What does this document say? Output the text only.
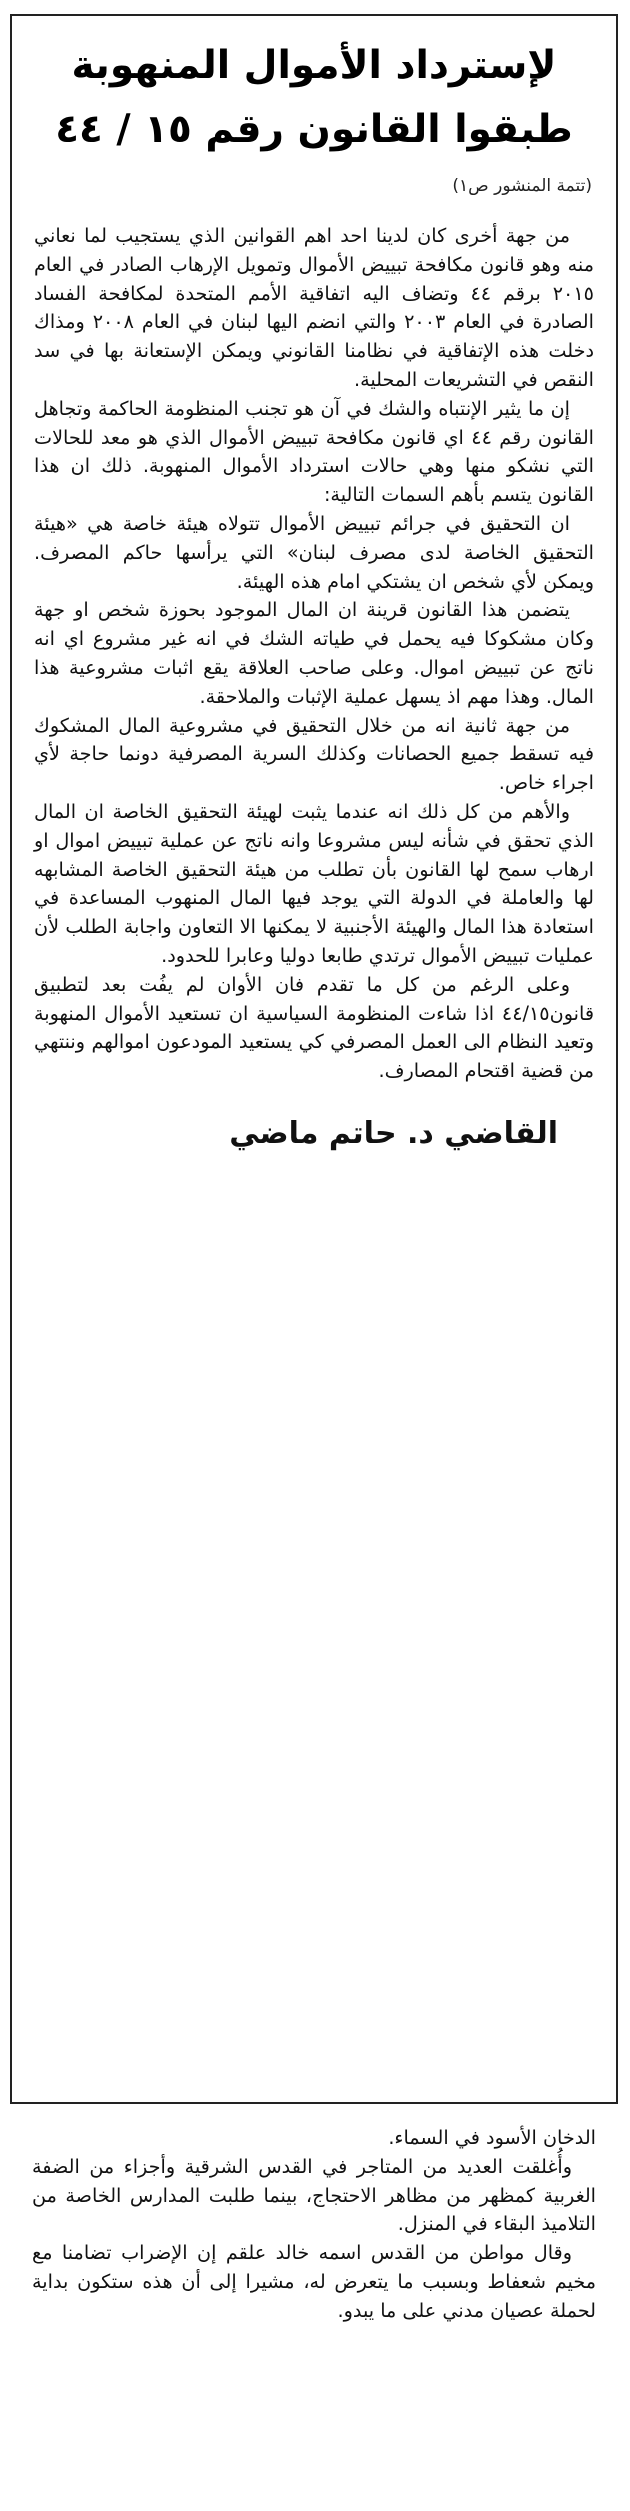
لإسترداد الأموال المنهوبة
طبقوا القانون رقم ١٥ / ٤٤
(تتمة المنشور ص١)

من جهة أخرى كان لدينا احد اهم القوانين الذي يستجيب لما نعاني منه وهو قانون مكافحة تبييض الأموال وتمويل الإرهاب الصادر في العام ٢٠١٥ برقم ٤٤ وتضاف اليه اتفاقية الأمم المتحدة لمكافحة الفساد الصادرة في العام ٢٠٠٣ والتي انضم اليها لبنان في العام ٢٠٠٨ ومذاك دخلت هذه الإتفاقية في نظامنا القانوني ويمكن الإستعانة بها في سد النقص في التشريعات المحلية.

إن ما يثير الإنتباه والشك في آن هو تجنب المنظومة الحاكمة وتجاهل القانون رقم ٤٤ اي قانون مكافحة تبييض الأموال الذي هو معد للحالات التي نشكو منها وهي حالات استرداد الأموال المنهوبة. ذلك ان هذا القانون يتسم بأهم السمات التالية:

ان التحقيق في جرائم تبييض الأموال تتولاه هيئة خاصة هي «هيئة التحقيق الخاصة لدى مصرف لبنان» التي يرأسها حاكم المصرف. ويمكن لأي شخص ان يشتكي امام هذه الهيئة.

يتضمن هذا القانون قرينة ان المال الموجود بحوزة شخص او جهة وكان مشكوكا فيه يحمل في طياته الشك في انه غير مشروع اي انه ناتج عن تبييض اموال. وعلى صاحب العلاقة يقع اثبات مشروعية هذا المال. وهذا مهم اذ يسهل عملية الإثبات والملاحقة.

من جهة ثانية انه من خلال التحقيق في مشروعية المال المشكوك فيه تسقط جميع الحصانات وكذلك السرية المصرفية دونما حاجة لأي اجراء خاص.

والأهم من كل ذلك انه عندما يثبت لهيئة التحقيق الخاصة ان المال الذي تحقق في شأنه ليس مشروعا وانه ناتج عن عملية تبييض اموال او ارهاب سمح لها القانون بأن تطلب من هيئة التحقيق الخاصة المشابهه لها والعاملة في الدولة التي يوجد فيها المال المنهوب المساعدة في استعادة هذا المال والهيئة الأجنبية لا يمكنها الا التعاون واجابة الطلب لأن عمليات تبييض الأموال ترتدي طابعا دوليا وعابرا للحدود.

وعلى الرغم من كل ما تقدم فان الأوان لم يفُت بعد لتطبيق قانون٤٤/١٥ اذا شاءت المنظومة السياسية ان تستعيد الأموال المنهوبة وتعيد النظام الى العمل المصرفي كي يستعيد المودعون اموالهم وننتهي من قضية اقتحام المصارف.

القاضي د. حاتم ماضي

الدخان الأسود في السماء.

وأُغلقت العديد من المتاجر في القدس الشرقية وأجزاء من الضفة الغربية كمظهر من مظاهر الاحتجاج، بينما طلبت المدارس الخاصة من التلاميذ البقاء في المنزل.

وقال مواطن من القدس اسمه خالد علقم إن الإضراب تضامنا مع مخيم شعفاط وبسبب ما يتعرض له، مشيرا إلى أن هذه ستكون بداية لحملة عصيان مدني على ما يبدو.
